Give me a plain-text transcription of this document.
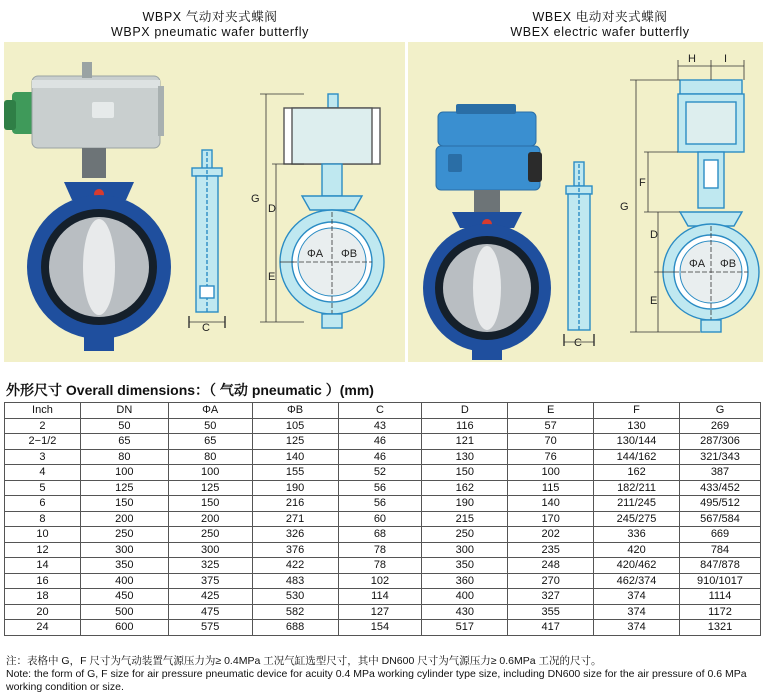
WBPX 气动对夹式蝶阀
WBPX pneumatic wafer butterfly
WBEX 电动对夹式蝶阀
WBEX electric wafer butterfly
C
ΦA ΦB
G
D
E
C
ΦA ΦB
H	I
G
F
D
E
外形尺寸 Overall dimensions：（ 气动 pneumatic ）(mm)
Inch	DN	ΦA	ΦB	C	D	E	F	G
2	50	50	105	43	116	57	130	269
2−1/2	65	65	125	46	121	70	130/144	287/306
3	80	80	140	46	130	76	144/162	321/343
4	100	100	155	52	150	100	162	387
5	125	125	190	56	162	115	182/211	433/452
6	150	150	216	56	190	140	211/245	495/512
8	200	200	271	60	215	170	245/275	567/584
10	250	250	326	68	250	202	336	669
12	300	300	376	78	300	235	420	784
14	350	325	422	78	350	248	420/462	847/878
16	400	375	483	102	360	270	462/374	910/1017
18	450	425	530	114	400	327	374	1114
20	500	475	582	127	430	355	374	1172
24	600	575	688	154	517	417	374	1321
注：表格中 G，F 尺寸为气动装置气源压力为≥ 0.4MPa 工况气缸选型尺寸，其中 DN600 尺寸为气源压力≥ 0.6MPa 工况的尺寸。
Note: the form of G, F size for air pressure pneumatic device for acuity 0.4 MPa working cylinder type size, including DN600 size for the air pressure of 0.6 MPa working condition or size.
